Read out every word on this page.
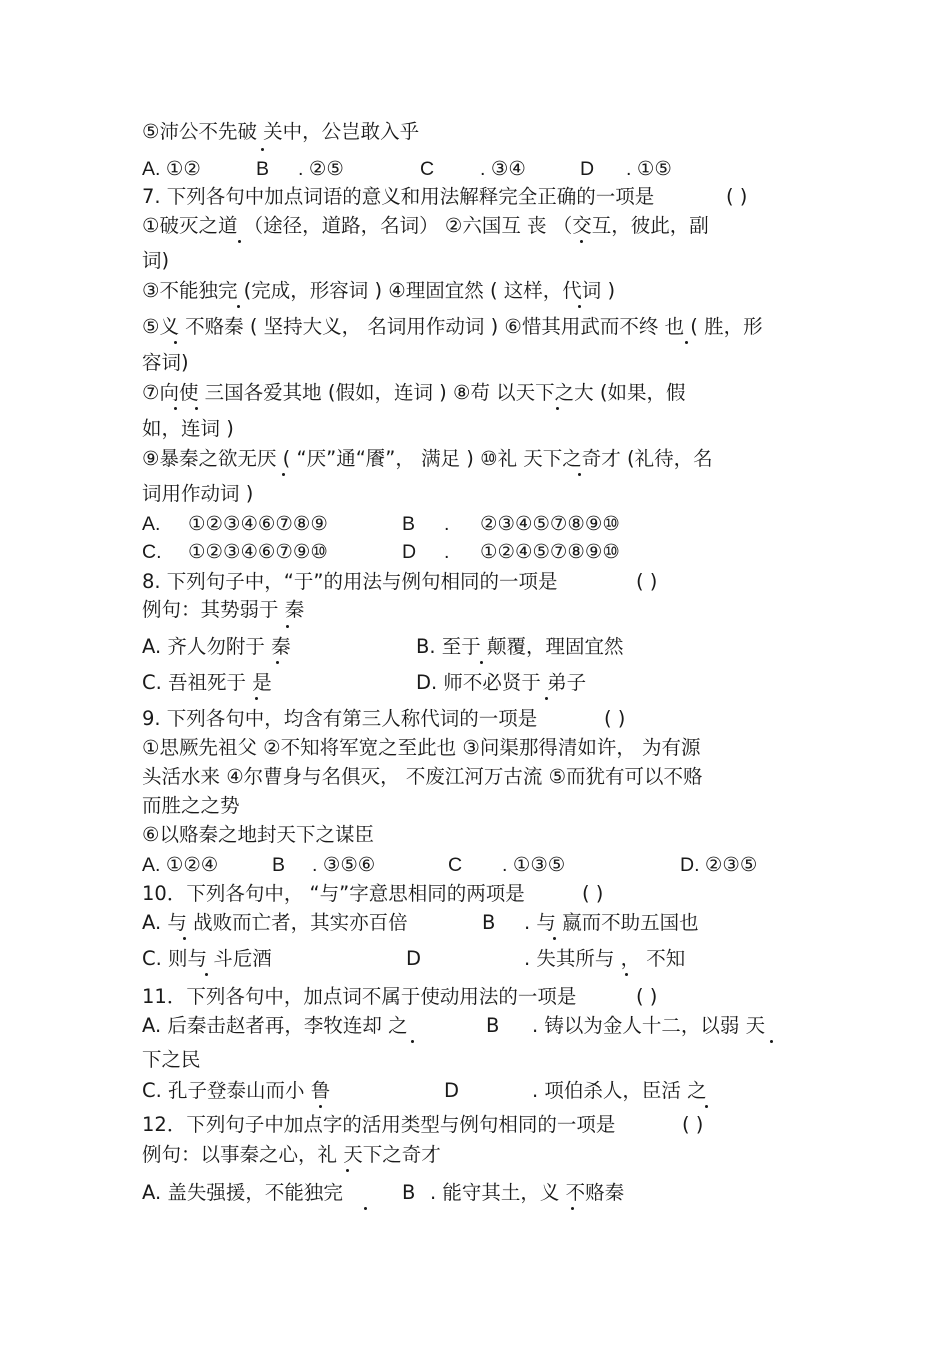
⑤沛公不先破 关中，公岂敢入乎
A. ①②	B . ②⑤	C . ③④	D . ①⑤
7. 下列各句中加点词语的意义和用法解释完全正确的一项是	( )
①破灭之道 （途径，道路，名词） ②六国互 丧 （交互，彼此，副
词)
③不能独完 (完成，形容词 ) ④理固宜然 ( 这样，代词 )
⑤义 不赂秦 ( 坚持大义， 名词用作动词 ) ⑥惜其用武而不终 也 ( 胜，形
容词)
⑦向使 三国各爱其地 (假如，连词 ) ⑧苟 以天下之大 (如果，假
如，连词 )
⑨暴秦之欲无厌 ( “厌”通“餍”， 满足 ) ⑩礼 天下之奇才 (礼待，名
词用作动词 )
A. ①②③④⑥⑦⑧⑨	B . ②③④⑤⑦⑧⑨⑩
C. ①②③④⑥⑦⑨⑩	D . ①②④⑤⑦⑧⑨⑩
8. 下列句子中，“于”的用法与例句相同的一项是	( )
例句：其势弱于 秦
A. 齐人勿附于 秦	B. 至于 颠覆，理固宜然
C. 吾祖死于 是	D. 师不必贤于 弟子
9. 下列各句中，均含有第三人称代词的一项是	( )
①思厥先祖父 ②不知将军宽之至此也 ③问渠那得清如许， 为有源
头活水来 ④尔曹身与名俱灭， 不废江河万古流 ⑤而犹有可以不赂
而胜之之势
⑥以赂秦之地封天下之谋臣
A. ①②④	B . ③⑤⑥	C . ①③⑤	D. ②③⑤
10．下列各句中， “与”字意思相同的两项是	( )
A. 与 战败而亡者，其实亦百倍	B . 与 嬴而不助五国也
C. 则与 斗卮酒	D	. 失其所与 ， 不知
11．下列各句中，加点词不属于使动用法的一项是	( )
A. 后秦击赵者再，李牧连却 之	B . 铸以为金人十二，以弱 天
下之民
C. 孔子登泰山而小 鲁	D	. 项伯杀人，臣活 之
12．下列句子中加点字的活用类型与例句相同的一项是	( )
例句：以事秦之心，礼 天下之奇才
A. 盖失强援，不能独完	B . 能守其土，义 不赂秦
